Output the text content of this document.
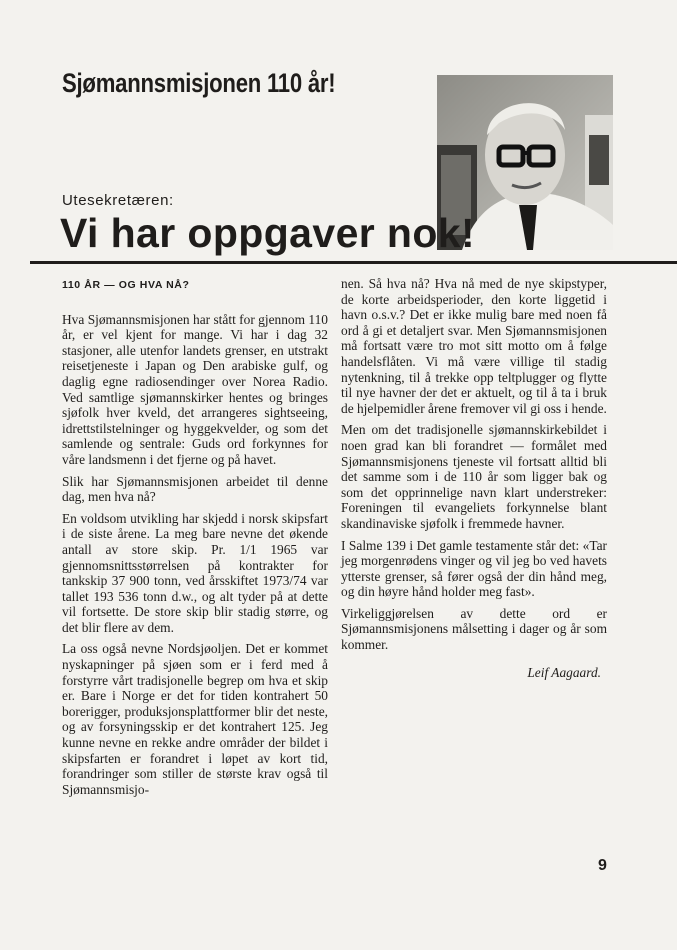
Sjømannsmisjonen 110 år!

Utesekretæren:

Vi har oppgaver nok!

110 ÅR — OG HVA NÅ?

Hva Sjømannsmisjonen har stått for gjennom 110 år, er vel kjent for mange. Vi har i dag 32 stasjoner, alle utenfor landets grenser, en utstrakt reisetjeneste i Japan og Den arabiske gulf, og daglig egne radiosendinger over Norea Radio. Ved samtlige sjømannskirker hentes og bringes sjøfolk hver kveld, det arrangeres sightseeing, idrettstilstelninger og hyggekvelder, og som det samlende og sentrale: Guds ord forkynnes for våre landsmenn i det fjerne og på havet.

Slik har Sjømannsmisjonen arbeidet til denne dag, men hva nå?

En voldsom utvikling har skjedd i norsk skipsfart i de siste årene. La meg bare nevne det økende antall av store skip. Pr. 1/1 1965 var gjennomsnittsstørrelsen på kontrakter for tankskip 37 900 tonn, ved årsskiftet 1973/74 var tallet 193 536 tonn d.w., og alt tyder på at dette vil fortsette. De store skip blir stadig større, og det blir flere av dem.

La oss også nevne Nordsjøoljen. Det er kommet nyskapninger på sjøen som er i ferd med å forstyrre vårt tradisjonelle begrep om hva et skip er. Bare i Norge er det for tiden kontrahert 50 borerigger, produksjonsplattformer blir det neste, og av forsyningsskip er det kontrahert 125. Jeg kunne nevne en rekke andre områder der bildet i skipsfarten er forandret i løpet av kort tid, forandringer som stiller de største krav også til Sjømannsmisjo-

nen. Så hva nå? Hva nå med de nye skipstyper, de korte arbeidsperioder, den korte liggetid i havn o.s.v.? Det er ikke mulig bare med noen få ord å gi et detaljert svar. Men Sjømannsmisjonen må fortsatt være tro mot sitt motto om å følge handelsflåten. Vi må være villige til stadig nytenkning, til å trekke opp teltplugger og flytte til nye havner der det er aktuelt, og til å ta i bruk de hjelpemidler årene fremover vil gi oss i hende.

Men om det tradisjonelle sjømannskirkebildet i noen grad kan bli forandret — formålet med Sjømannsmisjonens tjeneste vil fortsatt alltid bli det samme som i de 110 år som ligger bak og som det opprinnelige navn klart understreker: Foreningen til evangeliets forkynnelse blant skandinaviske sjøfolk i fremmede havner.

I Salme 139 i Det gamle testamente står det: «Tar jeg morgenrødens vinger og vil jeg bo ved havets ytterste grenser, så fører også der din hånd meg, og din høyre hånd holder meg fast».

Virkeliggjørelsen av dette ord er Sjømannsmisjonens målsetting i dager og år som kommer.

Leif Aagaard.

9
